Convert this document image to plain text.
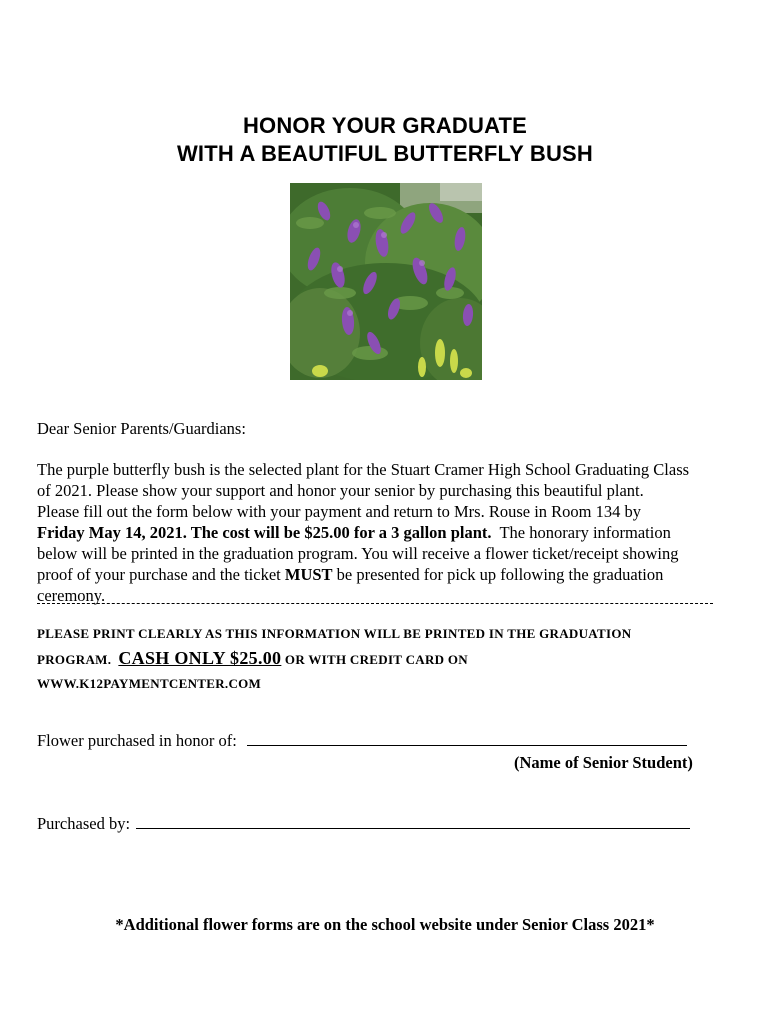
HONOR YOUR GRADUATE
WITH A BEAUTIFUL BUTTERFLY BUSH
Dear Senior Parents/Guardians:
The purple butterfly bush is the selected plant for the Stuart Cramer High School Graduating Class
of 2021. Please show your support and honor your senior by purchasing this beautiful plant.
Please fill out the form below with your payment and return to Mrs. Rouse in Room 134 by
Friday May 14, 2021. The cost will be $25.00 for a 3 gallon plant.  The honorary information
below will be printed in the graduation program. You will receive a flower ticket/receipt showing
proof of your purchase and the ticket MUST be presented for pick up following the graduation
ceremony.
PLEASE PRINT CLEARLY AS THIS INFORMATION WILL BE PRINTED IN THE GRADUATION
PROGRAM.  CASH ONLY $25.00 OR WITH CREDIT CARD ON
WWW.K12PAYMENTCENTER.COM
Flower purchased in honor of:
(Name of Senior Student)
Purchased by:
*Additional flower forms are on the school website under Senior Class 2021*
